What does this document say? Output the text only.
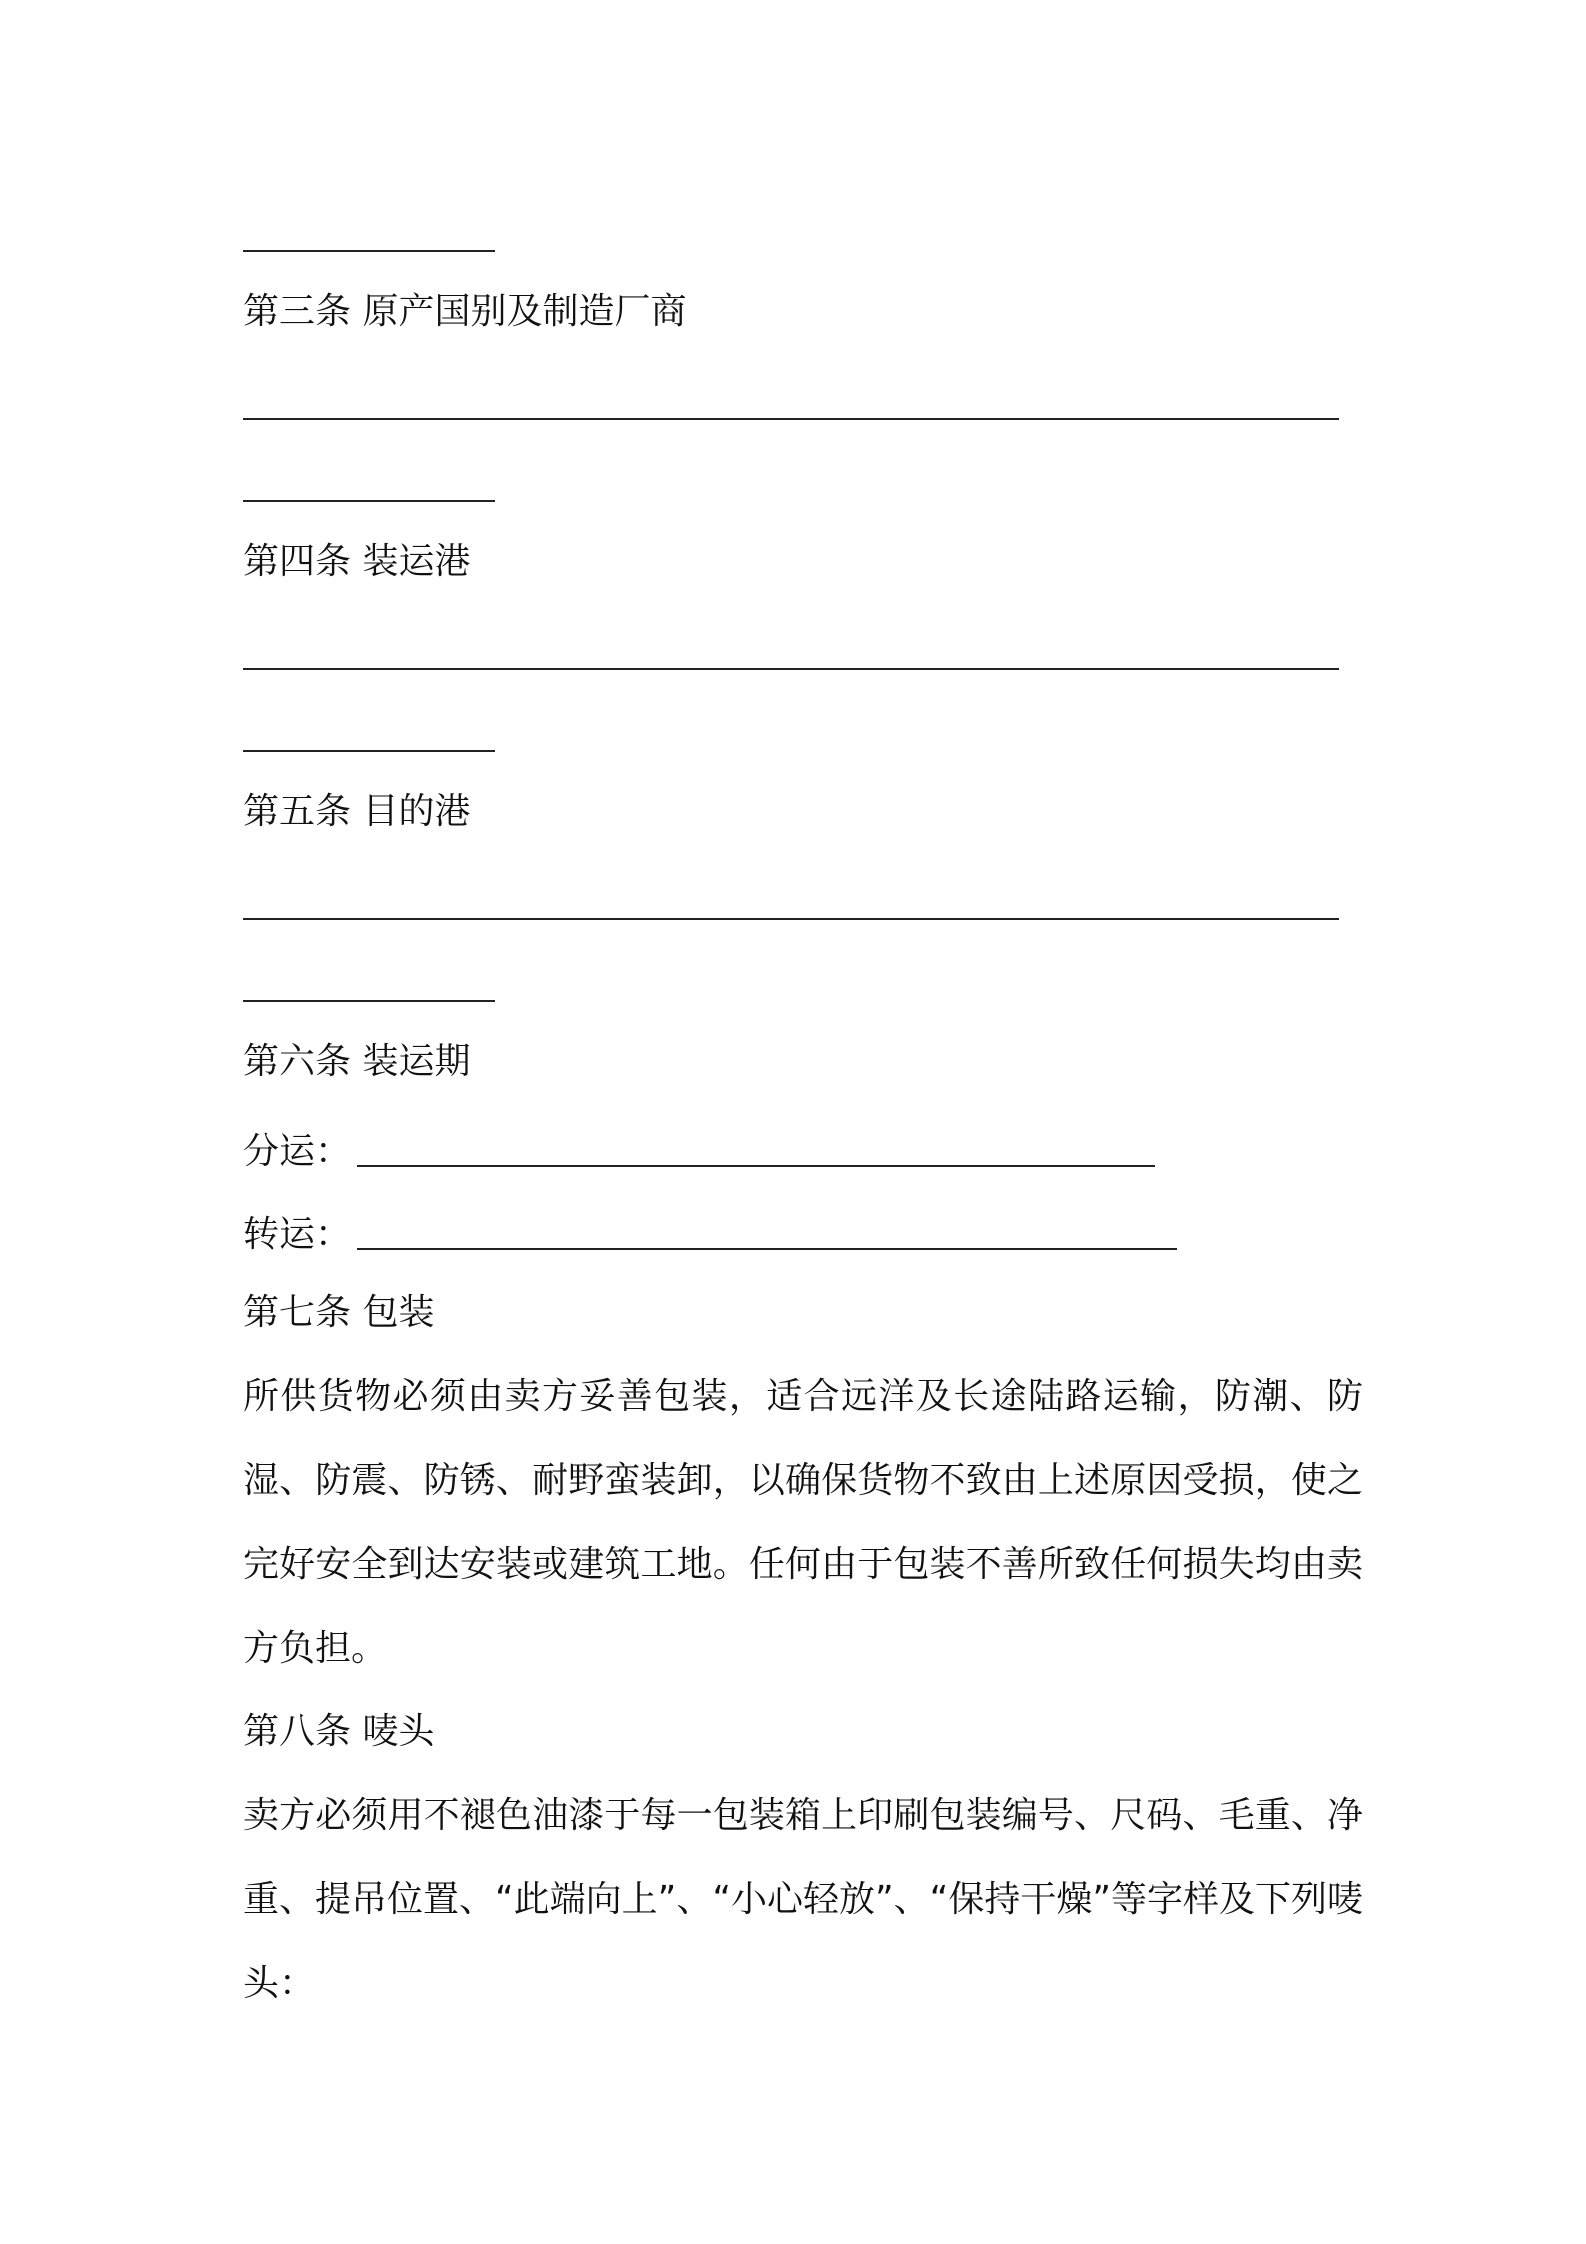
第三条 原产国别及制造厂商
第四条 装运港
第五条 目的港
第六条 装运期
分运：
转运：
第七条 包装

所供货物必须由卖方妥善包装，适合远洋及长途陆路运输，防潮、防湿、防震、防锈、耐野蛮装卸，以确保货物不致由上述原因受损，使之完好安全到达安装或建筑工地。任何由于包装不善所致任何损失均由卖方负担。

第八条 唛头

卖方必须用不褪色油漆于每一包装箱上印刷包装编号、尺码、毛重、净重、提吊位置、“此端向上”、“小心轻放”、“保持干燥”等字样及下列唛头：
